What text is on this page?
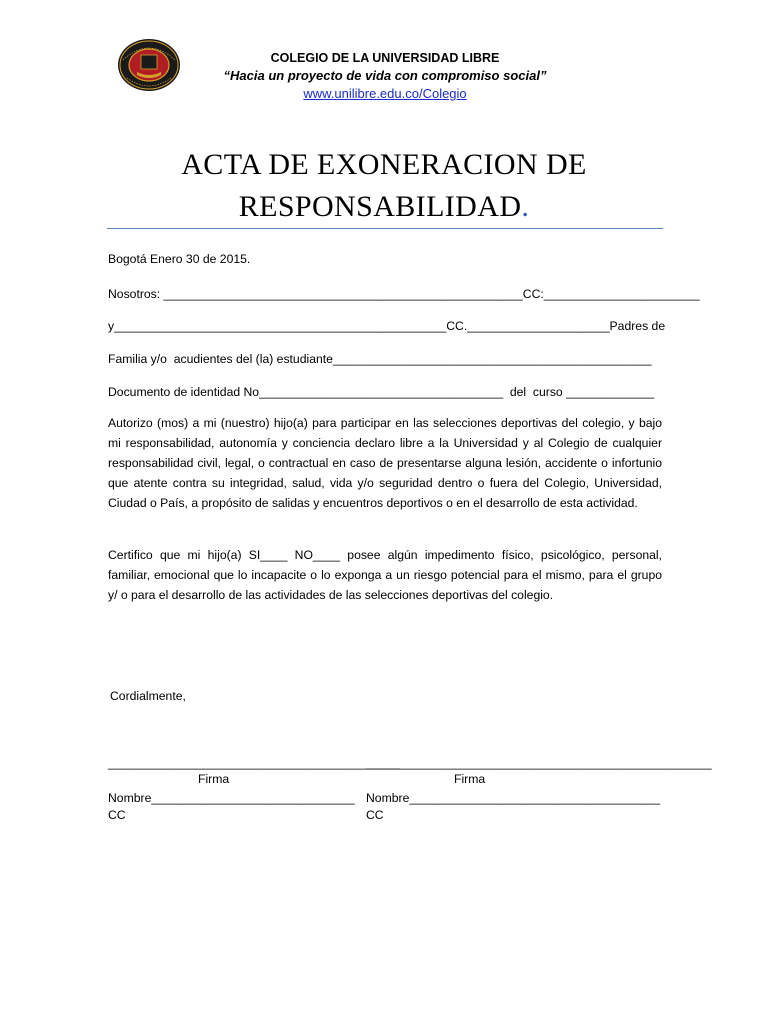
COLEGIO DE LA UNIVERSIDAD LIBRE
“Hacia un proyecto de vida con compromiso social”
www.unilibre.edu.co/Colegio
ACTA DE EXONERACION DE
RESPONSABILIDAD.
Bogotá Enero 30 de 2015.
Nosotros: _____________________________________________________CC:_______________________
y_________________________________________________CC._____________________Padres de
Familia y/o  acudientes del (la) estudiante_______________________________________________
Documento de identidad No____________________________________  del  curso _____________
Autorizo (mos) a mi (nuestro) hijo(a) para participar en las selecciones deportivas del colegio, y bajo mi responsabilidad, autonomía y conciencia declaro libre a la Universidad y al Colegio de cualquier responsabilidad civil, legal, o contractual en caso de presentarse alguna lesión, accidente o infortunio que atente contra su integridad, salud, vida y/o seguridad dentro o fuera del Colegio, Universidad, Ciudad o País, a propósito de salidas y encuentros deportivos o en el desarrollo de esta actividad.
Certifico que mi hijo(a) SI____ NO____ posee algún impedimento físico, psicológico, personal, familiar, emocional que lo incapacite o lo exponga a un riesgo potencial para el mismo, para el grupo y/ o para el desarrollo de las actividades de las selecciones deportivas del colegio.
Cordialmente,
___________________________________________
Firma
Nombre______________________________
CC
___________________________________________________
Firma
Nombre_____________________________________
CC
